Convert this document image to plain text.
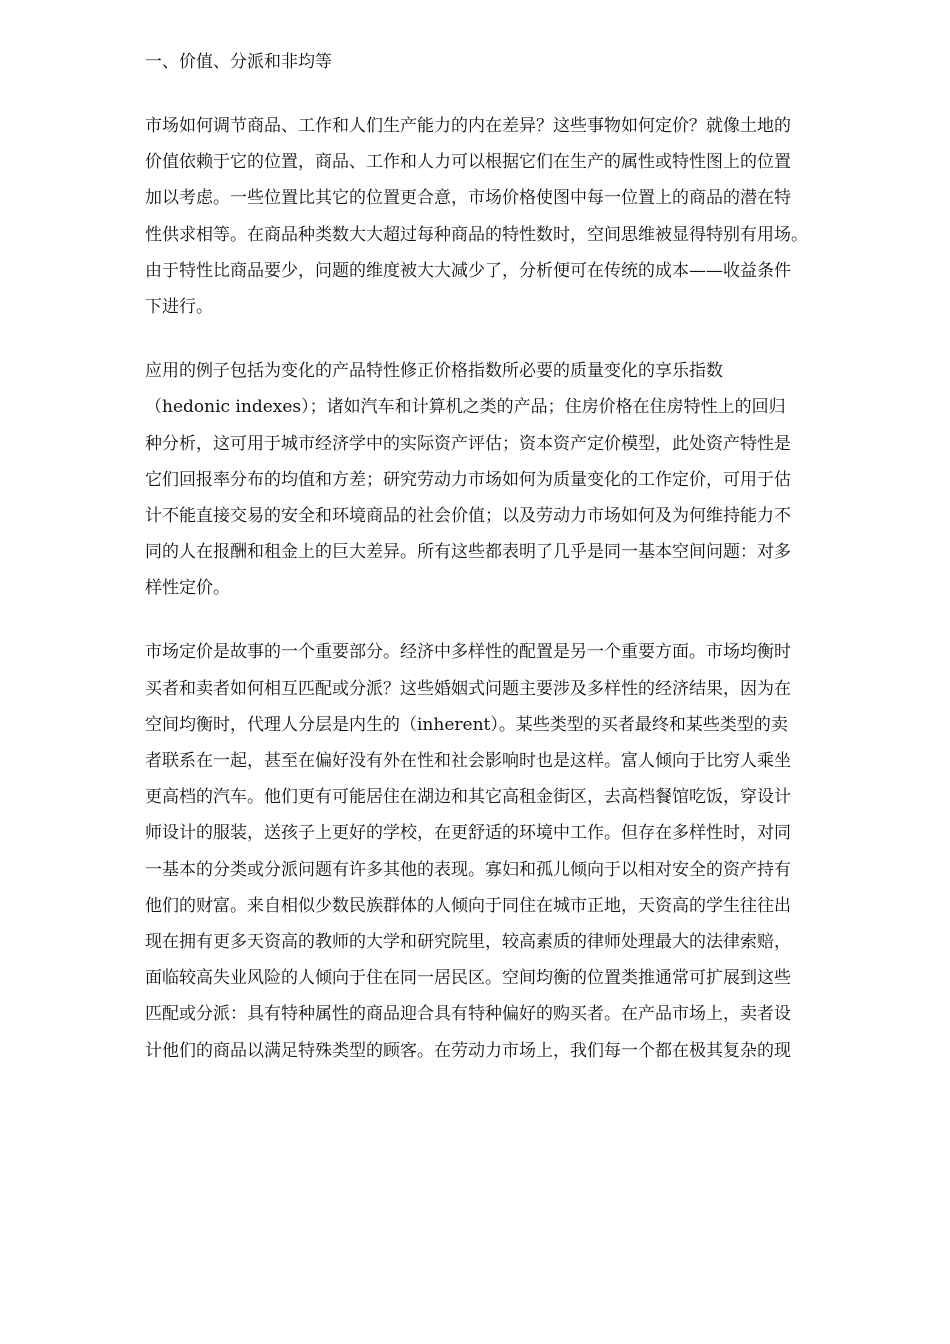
一、价值、分派和非均等
市场如何调节商品、工作和人们生产能力的内在差异？这些事物如何定价？就像土地的
价值依赖于它的位置，商品、工作和人力可以根据它们在生产的属性或特性图上的位置
加以考虑。一些位置比其它的位置更合意，市场价格使图中每一位置上的商品的潜在特
性供求相等。在商品种类数大大超过每种商品的特性数时，空间思维被显得特别有用场。
由于特性比商品要少，问题的维度被大大减少了，分析便可在传统的成本——收益条件
下进行。
应用的例子包括为变化的产品特性修正价格指数所必要的质量变化的享乐指数
（hedonic indexes）；诸如汽车和计算机之类的产品；住房价格在住房特性上的回归
种分析，这可用于城市经济学中的实际资产评估；资本资产定价模型，此处资产特性是
它们回报率分布的均值和方差；研究劳动力市场如何为质量变化的工作定价，可用于估
计不能直接交易的安全和环境商品的社会价值；以及劳动力市场如何及为何维持能力不
同的人在报酬和租金上的巨大差异。所有这些都表明了几乎是同一基本空间问题：对多
样性定价。
市场定价是故事的一个重要部分。经济中多样性的配置是另一个重要方面。市场均衡时
买者和卖者如何相互匹配或分派？这些婚姻式问题主要涉及多样性的经济结果，因为在
空间均衡时，代理人分层是内生的（inherent）。某些类型的买者最终和某些类型的卖
者联系在一起，甚至在偏好没有外在性和社会影响时也是这样。富人倾向于比穷人乘坐
更高档的汽车。他们更有可能居住在湖边和其它高租金街区，去高档餐馆吃饭，穿设计
师设计的服装，送孩子上更好的学校，在更舒适的环境中工作。但存在多样性时，对同
一基本的分类或分派问题有许多其他的表现。寡妇和孤儿倾向于以相对安全的资产持有
他们的财富。来自相似少数民族群体的人倾向于同住在城市正地，天资高的学生往往出
现在拥有更多天资高的教师的大学和研究院里，较高素质的律师处理最大的法律索赔，
面临较高失业风险的人倾向于住在同一居民区。空间均衡的位置类推通常可扩展到这些
匹配或分派：具有特种属性的商品迎合具有特种偏好的购买者。在产品市场上，卖者设
计他们的商品以满足特殊类型的顾客。在劳动力市场上，我们每一个都在极其复杂的现
